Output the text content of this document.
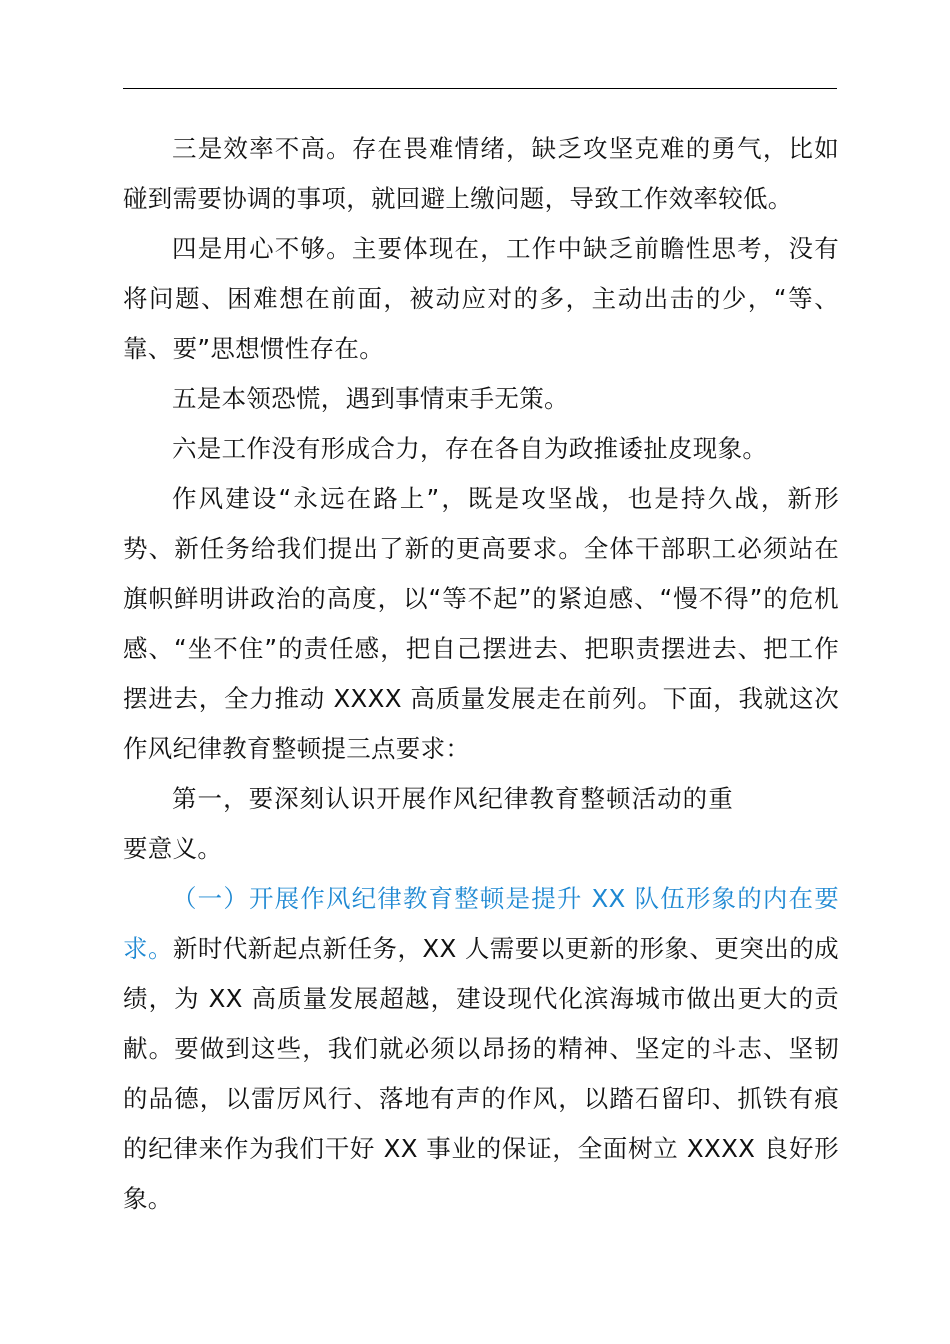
三是效率不高。存在畏难情绪，缺乏攻坚克难的勇气，比如碰到需要协调的事项，就回避上缴问题，导致工作效率较低。

四是用心不够。主要体现在，工作中缺乏前瞻性思考，没有将问题、困难想在前面，被动应对的多，主动出击的少，“等、靠、要”思想惯性存在。

五是本领恐慌，遇到事情束手无策。

六是工作没有形成合力，存在各自为政推诿扯皮现象。

作风建设“永远在路上”，既是攻坚战，也是持久战，新形势、新任务给我们提出了新的更高要求。全体干部职工必须站在旗帜鲜明讲政治的高度，以“等不起”的紧迫感、“慢不得”的危机感、“坐不住”的责任感，把自己摆进去、把职责摆进去、把工作摆进去，全力推动 XXXX 高质量发展走在前列。下面，我就这次作风纪律教育整顿提三点要求：

第一，要深刻认识开展作风纪律教育整顿活动的重要意义。

（一）开展作风纪律教育整顿是提升 XX 队伍形象的内在要求。新时代新起点新任务，XX 人需要以更新的形象、更突出的成绩，为 XX 高质量发展超越，建设现代化滨海城市做出更大的贡献。要做到这些，我们就必须以昂扬的精神、坚定的斗志、坚韧的品德，以雷厉风行、落地有声的作风，以踏石留印、抓铁有痕的纪律来作为我们干好 XX 事业的保证，全面树立 XXXX 良好形象。
